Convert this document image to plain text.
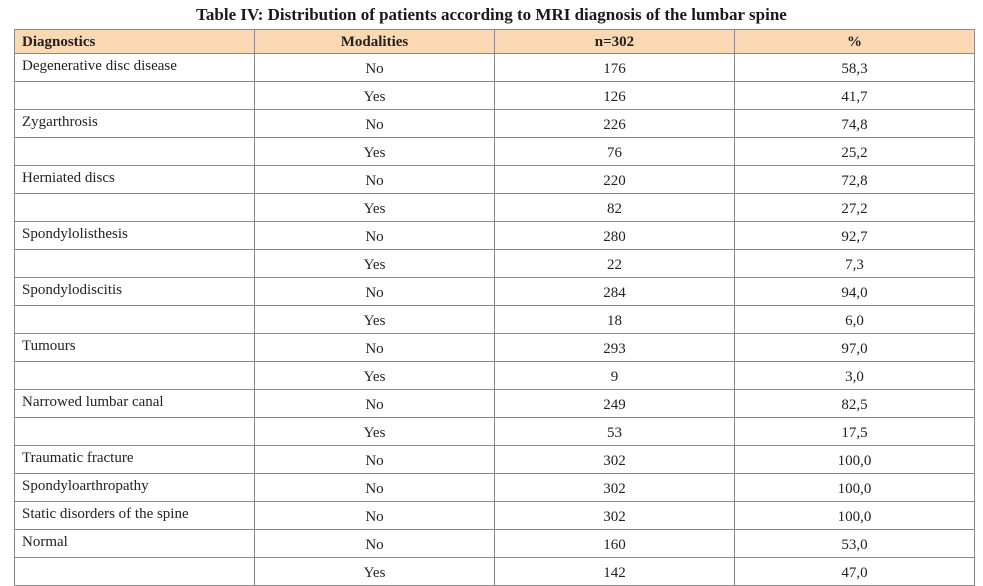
Table IV: Distribution of patients according to MRI diagnosis of the lumbar spine
Diagnostics	Modalities	n=302	%
Degenerative disc disease	No	176	58,3
	Yes	126	41,7
Zygarthrosis	No	226	74,8
	Yes	76	25,2
Herniated discs	No	220	72,8
	Yes	82	27,2
Spondylolisthesis	No	280	92,7
	Yes	22	7,3
Spondylodiscitis	No	284	94,0
	Yes	18	6,0
Tumours	No	293	97,0
	Yes	9	3,0
Narrowed lumbar canal	No	249	82,5
	Yes	53	17,5
Traumatic fracture	No	302	100,0
Spondyloarthropathy	No	302	100,0
Static disorders of the spine	No	302	100,0
Normal	No	160	53,0
	Yes	142	47,0
